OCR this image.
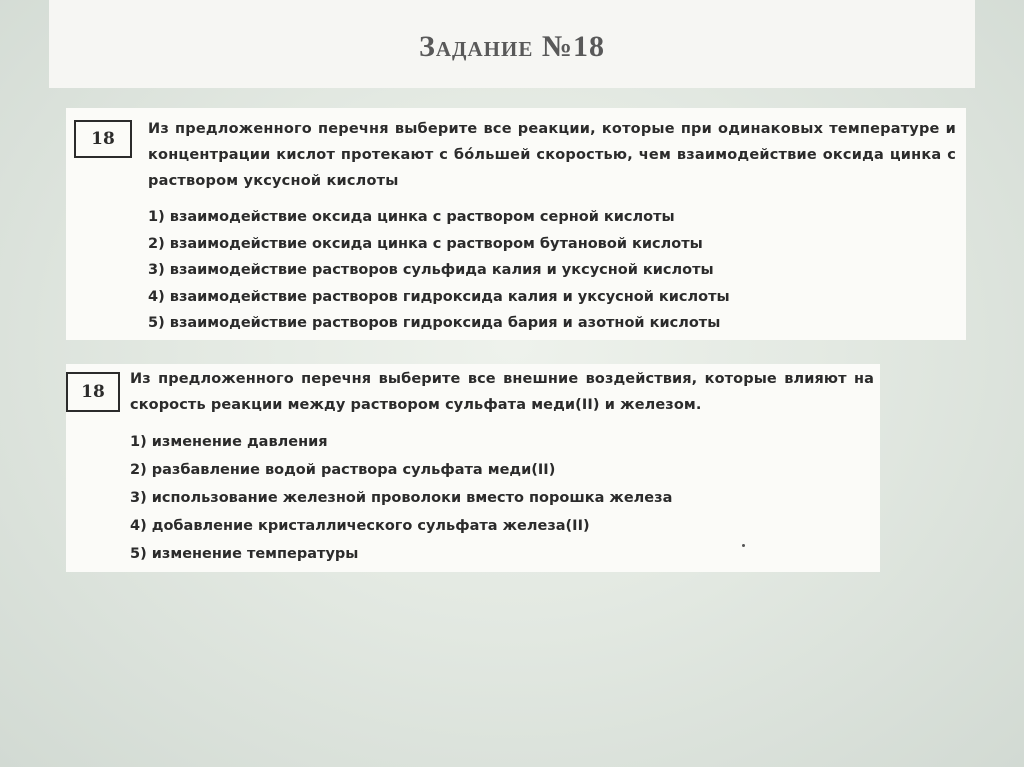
Задание №18
18	Из предложенного перечня выберите все реакции, которые при одинаковых температуре и концентрации кислот протекают с бóльшей скоростью, чем взаимодействие оксида цинка с раствором уксусной кислоты
1) взаимодействие оксида цинка с раствором серной кислоты
2) взаимодействие оксида цинка с раствором бутановой кислоты
3) взаимодействие растворов сульфида калия и уксусной кислоты
4) взаимодействие растворов гидроксида калия и уксусной кислоты
5) взаимодействие растворов гидроксида бария и азотной кислоты
18
Из предложенного перечня выберите все внешние воздействия, которые влияют на скорость реакции между раствором сульфата меди(II) и железом.
1) изменение давления
2) разбавление водой раствора сульфата меди(II)
3) использование железной проволоки вместо порошка железа
4) добавление кристаллического сульфата железа(II)
5) изменение температуры
